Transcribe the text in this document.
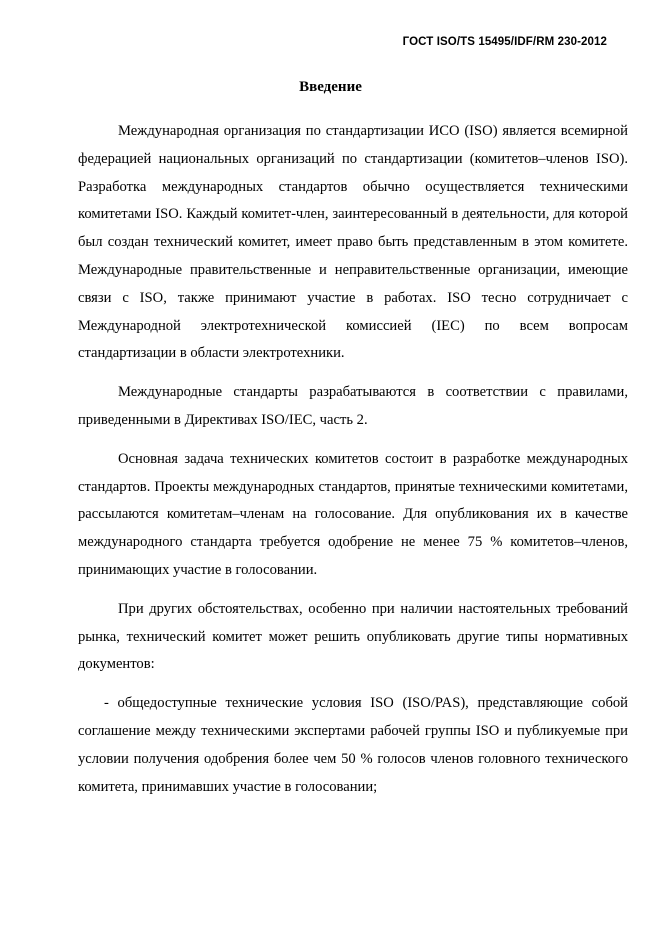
ГОСТ ISO/TS 15495/IDF/RM 230-2012
Введение

Международная организация по стандартизации ИСО (ISO) является всемирной федерацией национальных организаций по стандартизации (комитетов–членов ISO). Разработка международных стандартов обычно осуществляется техническими комитетами ISO. Каждый комитет-член, заинтересованный в деятельности, для которой был создан технический комитет, имеет право быть представленным в этом комитете. Международные правительственные и неправительственные организации, имеющие связи с ISO, также принимают участие в работах. ISO тесно сотрудничает с Международной электротехнической комиссией (IEC) по всем вопросам стандартизации в области электротехники.

Международные стандарты разрабатываются в соответствии с правилами, приведенными в Директивах ISO/IEC, часть 2.

Основная задача технических комитетов состоит в разработке международных стандартов. Проекты международных стандартов, принятые техническими комитетами, рассылаются комитетам–членам на голосование. Для опубликования их в качестве международного стандарта требуется одобрение не менее 75 % комитетов–членов, принимающих участие в голосовании.

При других обстоятельствах, особенно при наличии настоятельных требований рынка, технический комитет может решить опубликовать другие типы нормативных документов:

- общедоступные технические условия ISO (ISO/PAS), представляющие собой соглашение между техническими экспертами рабочей группы ISO и публикуемые при условии получения одобрения более чем 50 % голосов членов головного технического комитета, принимавших участие в голосовании;
